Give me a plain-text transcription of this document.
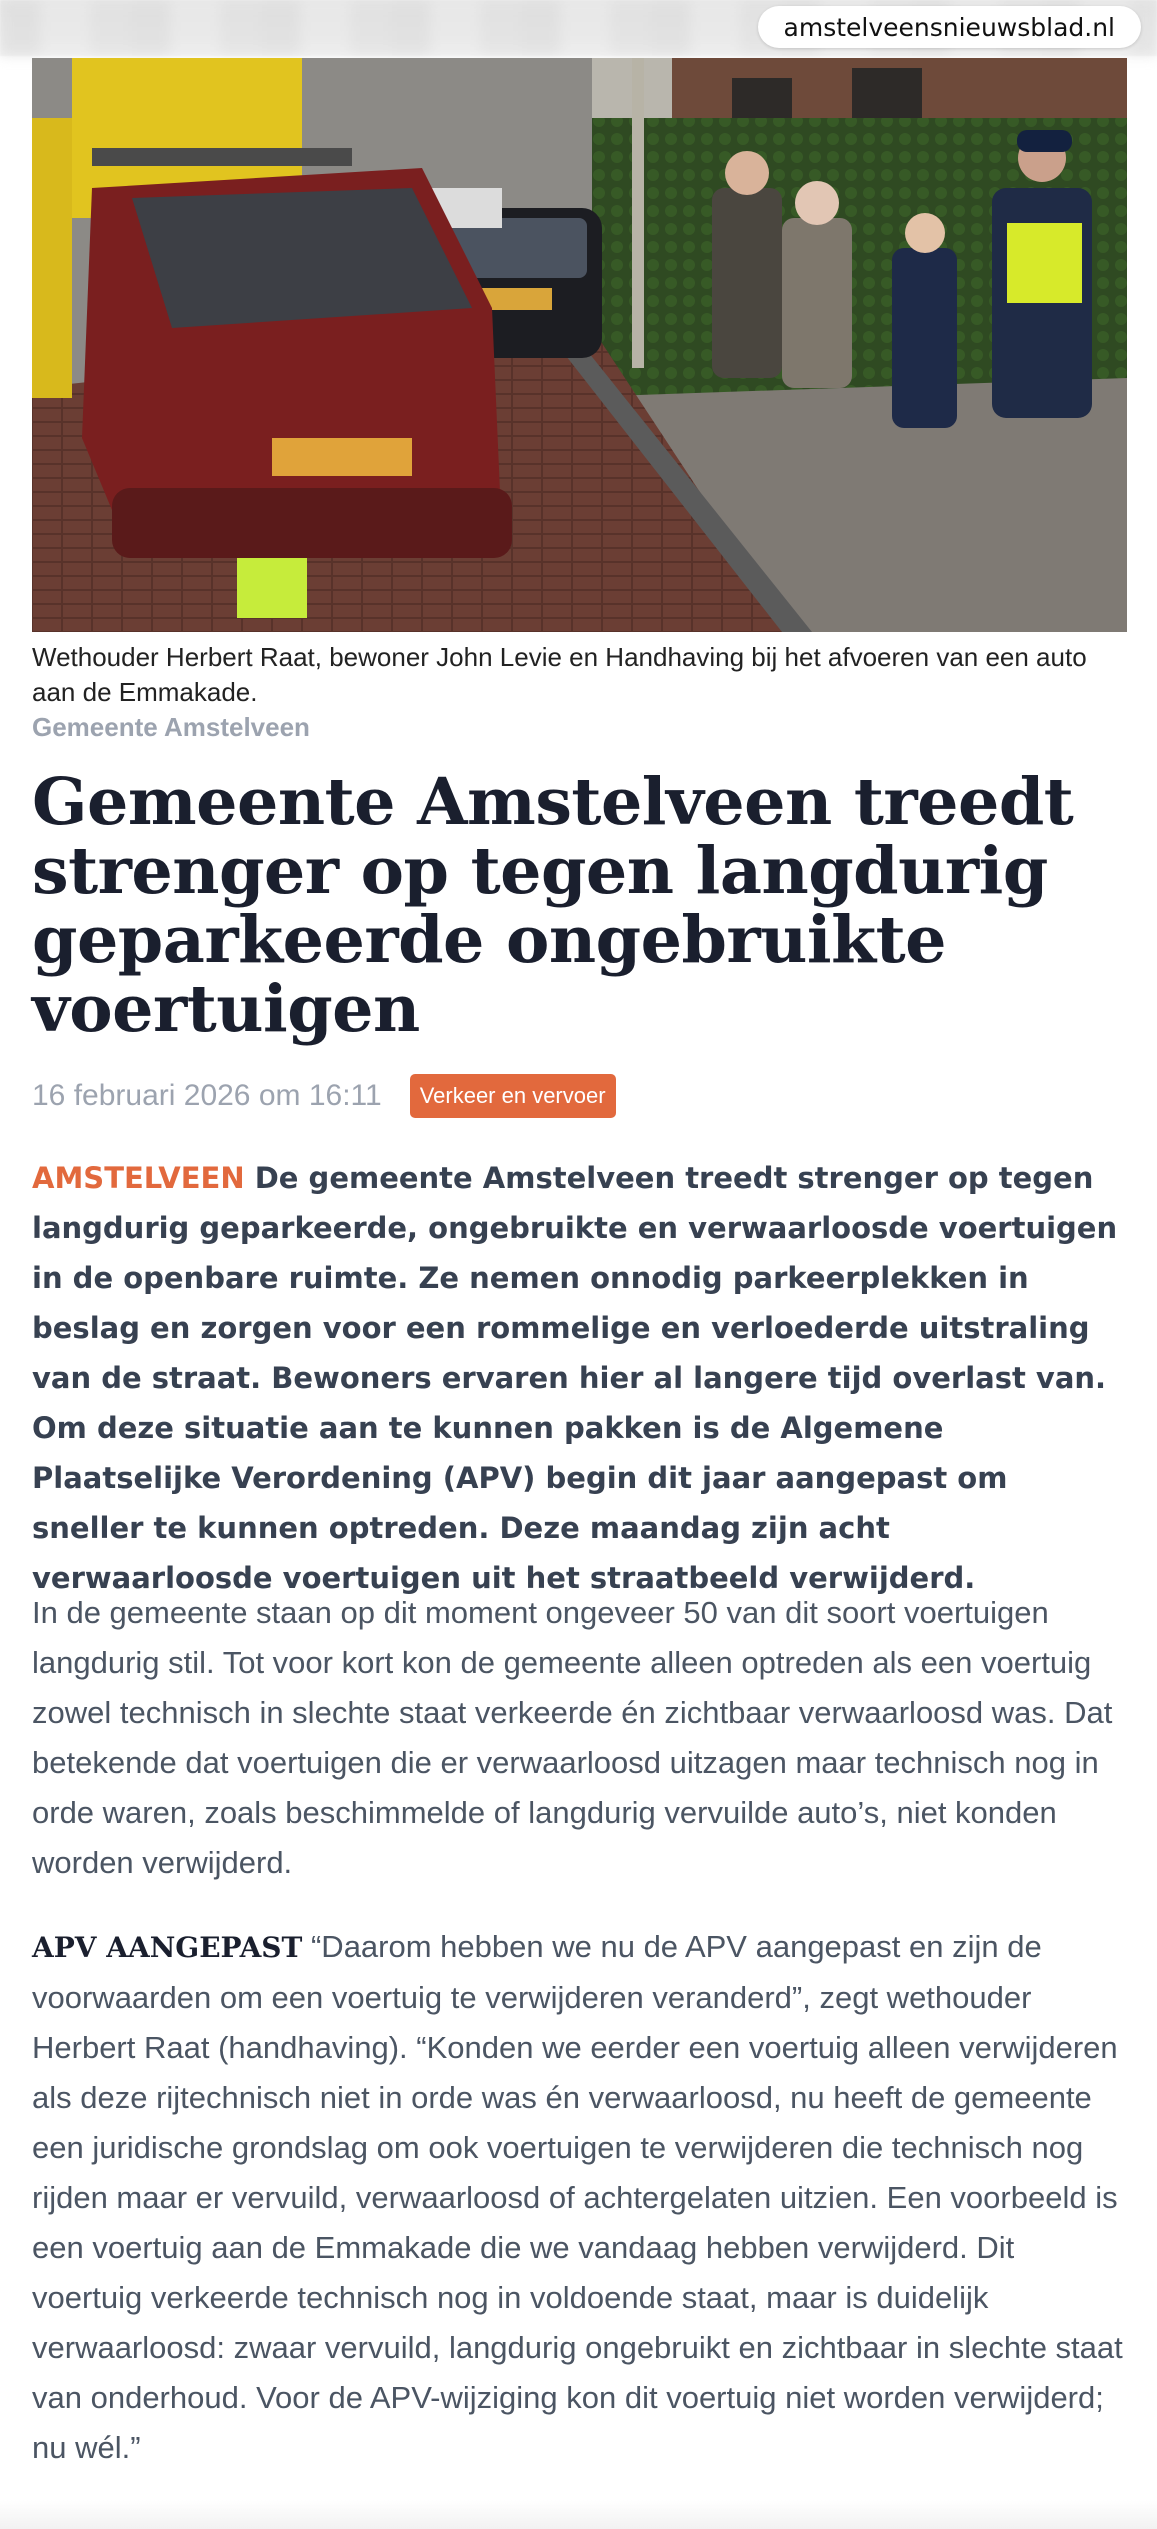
amstelveensnieuwsblad.nl
Wethouder Herbert Raat, bewoner John Levie en Handhaving bij het afvoeren van een auto aan de Emmakade.
Gemeente Amstelveen
Gemeente Amstelveen treedt strenger op tegen langdurig geparkeerde ongebruikte voertuigen
16 februari 2026 om 16:11	Verkeer en vervoer

AMSTELVEEN De gemeente Amstelveen treedt strenger op tegen langdurig geparkeerde, ongebruikte en verwaarloosde voertuigen in de openbare ruimte. Ze nemen onnodig parkeerplekken in beslag en zorgen voor een rommelige en verloederde uitstraling van de straat. Bewoners ervaren hier al langere tijd overlast van. Om deze situatie aan te kunnen pakken is de Algemene Plaatselijke Verordening (APV) begin dit jaar aangepast om sneller te kunnen optreden. Deze maandag zijn acht verwaarloosde voertuigen uit het straatbeeld verwijderd.

In de gemeente staan op dit moment ongeveer 50 van dit soort voertuigen langdurig stil. Tot voor kort kon de gemeente alleen optreden als een voertuig zowel technisch in slechte staat verkeerde én zichtbaar verwaarloosd was. Dat betekende dat voertuigen die er verwaarloosd uitzagen maar technisch nog in orde waren, zoals beschimmelde of langdurig vervuilde auto’s, niet konden worden verwijderd.

APV AANGEPAST “Daarom hebben we nu de APV aangepast en zijn de voorwaarden om een voertuig te verwijderen veranderd”, zegt wethouder Herbert Raat (handhaving). “Konden we eerder een voertuig alleen verwijderen als deze rijtechnisch niet in orde was én verwaarloosd, nu heeft de gemeente een juridische grondslag om ook voertuigen te verwijderen die technisch nog rijden maar er vervuild, verwaarloosd of achtergelaten uitzien. Een voorbeeld is een voertuig aan de Emmakade die we vandaag hebben verwijderd. Dit voertuig verkeerde technisch nog in voldoende staat, maar is duidelijk verwaarloosd: zwaar vervuild, langdurig ongebruikt en zichtbaar in slechte staat van onderhoud. Voor de APV-wijziging kon dit voertuig niet worden verwijderd; nu wél.”
